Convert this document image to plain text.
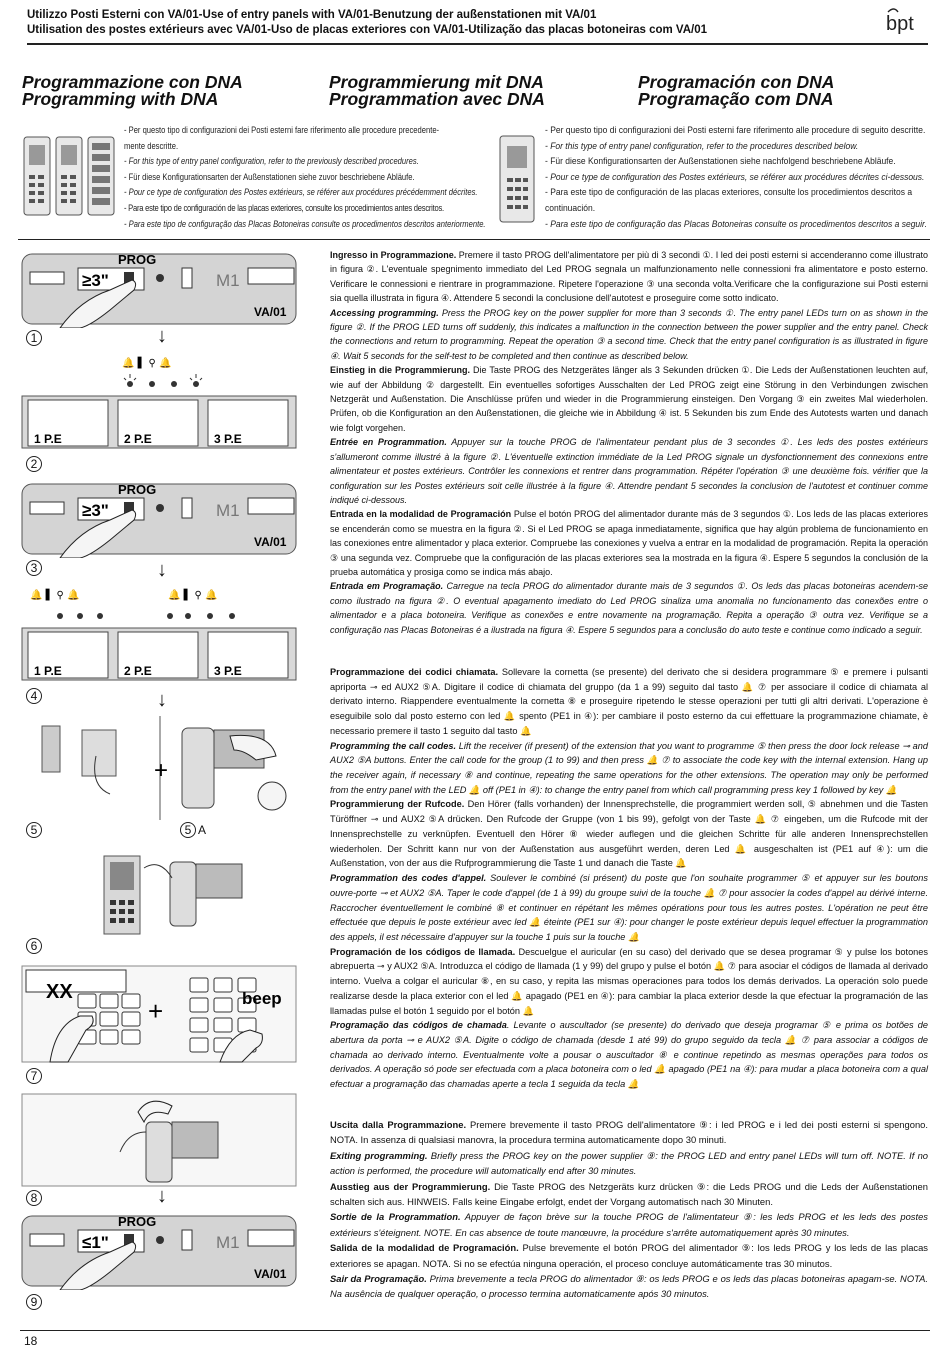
Utilizzo Posti Esterni con VA/01-Use of entry panels with VA/01-Benutzung der außenstationen mit VA/01
Utilisation des postes extérieurs avec VA/01-Uso de placas exteriores con VA/01-Utilização das placas botoneiras com VA/01	bpt
Programmazione con DNA
Programming with DNA
Programmierung mit DNA
Programmation avec DNA
Programación con DNA
Programação com DNA
- Per questo tipo di configurazioni dei Posti esterni fare riferimento alle procedure precedente-
mente descritte.
- For this type of entry panel configuration, refer to the previously described procedures.
- Für diese Konfigurationsarten der Außenstationen siehe zuvor beschriebene Abläufe.
- Pour ce type de configuration des Postes extérieurs, se référer aux procédures précédemment décrites.
- Para este tipo de configuración de las placas exteriores, consulte los procedimientos antes descritos.
- Para este tipo de configuração das Placas Botoneiras consulte os procedimentos descritos anteriormente.
- Per questo tipo di configurazioni dei Posti esterni fare riferimento alle procedure di seguito descritte.
- For this type of entry panel configuration, refer to the procedures described below.
- Für diese Konfigurationsarten der Außenstationen siehe nachfolgend beschriebene Abläufe.
- Pour ce type de configuration des Postes extérieurs, se référer aux procédures décrites ci-dessous.
- Para este tipo de configuración de las placas exteriores, consulte los procedimientos descritos a
continuación.
- Para este tipo de configuração das Placas Botoneiras consulte os procedimentos descritos a seguir.
≥3"
PROG
M1
VA/01
1	↓
🔔 ▌ ⚲ 🔔
1 P.E	2 P.E	3 P.E
2
≥3"
PROG
M1
VA/01
3	↓
🔔 ▌ ⚲ 🔔	🔔 ▌ ⚲ 🔔
1 P.E	2 P.E	3 P.E
4	↓
+
5	5 A
6
XX
+	beep
7
8	↓
≤1"
PROG
M1
VA/01
9

Ingresso in Programmazione. Premere il tasto PROG dell'alimentatore per più di 3 secondi ①. I led dei posti esterni si accenderanno come illustrato in figura ②. L'eventuale spegnimento immediato del Led PROG segnala un malfunzionamento nelle connessioni fra alimentatore e posto esterno. Verificare le connessioni e rientrare in programmazione. Ripetere l'operazione ③ una seconda volta.Verificare che la configurazione sui Posti esterni sia quella illustrata in figura ④. Attendere 5 secondi la conclusione dell'autotest e proseguire come sotto indicato.

Accessing programming. Press the PROG key on the power supplier for more than 3 seconds ①. The entry panel LEDs turn on as shown in the figure ②. If the PROG LED turns off suddenly, this indicates a malfunction in the connection between the power supplier and the entry panel. Check the connections and return to programming. Repeat the operation ③ a second time. Check that the entry panel configuration is as illustrated in figure ④. Wait 5 seconds for the self-test to be completed and then continue as described below.

Einstieg in die Programmierung. Die Taste PROG des Netzgerätes länger als 3 Sekunden drücken ①. Die Leds der Außenstationen leuchten auf, wie auf der Abbildung ② dargestellt. Ein eventuelles sofortiges Ausschalten der Led PROG zeigt eine Störung in den Verbindungen zwischen Netzgerät und Außenstation. Die Anschlüsse prüfen und wieder in die Programmierung einsteigen. Den Vorgang ③ ein zweites Mal wiederholen. Prüfen, ob die Konfiguration an den Außenstationen, die gleiche wie in Abbildung ④ ist. 5 Sekunden bis zum Ende des Autotests warten und danach wie folgt vorgehen.

Entrée en Programmation. Appuyer sur la touche PROG de l'alimentateur pendant plus de 3 secondes ①. Les leds des postes extérieurs s'allumeront comme illustré à la figure ②. L'éventuelle extinction immédiate de la Led PROG signale un dysfonctionnement des connexions entre alimentateur et postes extérieurs. Contrôler les connexions et rentrer dans programmation. Répéter l'opération ③ une deuxième fois. vérifier que la configuration sur les Postes extérieurs soit celle illustrée à la figure ④. Attendre pendant 5 secondes la conclusion de l'autotest et continuer comme indiqué ci-dessous.

Entrada en la modalidad de Programación Pulse el botón PROG del alimentador durante más de 3 segundos ①. Los leds de las placas exteriores se encenderán como se muestra en la figura ②. Si el Led PROG se apaga inmediatamente, significa que hay algún problema de funcionamiento en las conexiones entre alimentador y placa exterior. Compruebe las conexiones y vuelva a entrar en la modalidad de programación. Repita la operación ③ una segunda vez. Compruebe que la configuración de las placas exteriores sea la mostrada en la figura ④. Espere 5 segundos la conclusión de la prueba automática y prosiga como se indica más abajo.

Entrada em Programação. Carregue na tecla PROG do alimentador durante mais de 3 segundos ①. Os leds das placas botoneiras acendem-se como ilustrado na figura ②. O eventual apagamento imediato do Led PROG sinaliza uma anomalia no funcionamento das conexões entre o alimentador e a placa botoneira. Verifique as conexões e entre novamente na programação. Repita a operação ③ outra vez. Verifique se a configuração nas Placas Botoneiras é a ilustrada na figura ④. Espere 5 segundos para a conclusão do auto teste e continue como indicado a seguir.

Programmazione dei codici chiamata. Sollevare la cornetta (se presente) del derivato che si desidera programmare ⑤ e premere i pulsanti apriporta ⊸ ed AUX2 ⑤A. Digitare il codice di chiamata del gruppo (da 1 a 99) seguito dal tasto 🔔 ⑦ per associare il codice di chiamata al derivato interno. Riappendere eventualmente la cornetta ⑧ e proseguire ripetendo le stesse operazioni per tutti gli altri derivati. L'operazione è eseguibile solo dal posto esterno con led 🔔 spento (PE1 in ④): per cambiare il posto esterno da cui effettuare la programmazione chiamate, è necessario premere il tasto 1 seguito dal tasto 🔔

Programming the call codes. Lift the receiver (if present) of the extension that you want to programme ⑤ then press the door lock release ⊸ and AUX2 ⑤A buttons. Enter the call code for the group (1 to 99) and then press 🔔 ⑦ to associate the code key with the internal extension. Hang up the receiver again, if necessary ⑧ and continue, repeating the same operations for the other extensions. The operation may only be performed from the entry panel with the LED 🔔 off (PE1 in ④): to change the entry panel from which call programming press key 1 followed by key 🔔

Programmierung der Rufcode. Den Hörer (falls vorhanden) der Innensprechstelle, die programmiert werden soll, ⑤ abnehmen und die Tasten Türöffner ⊸ und AUX2 ⑤A drücken. Den Rufcode der Gruppe (von 1 bis 99), gefolgt von der Taste 🔔 ⑦ eingeben, um die Rufcode mit der Innensprechstelle zu verknüpfen. Eventuell den Hörer ⑧ wieder auflegen und die gleichen Schritte für alle anderen Innensprechstellen wiederholen. Der Schritt kann nur von der Außenstation aus ausgeführt werden, deren Led 🔔 ausgeschalten ist (PE1 auf ④): um die Außenstation, von der aus die Rufprogrammierung die Taste 1 und danach die Taste 🔔

Programmation des codes d'appel. Soulever le combiné (si présent) du poste que l'on souhaite programmer ⑤ et appuyer sur les boutons ouvre-porte ⊸ et AUX2 ⑤A. Taper le code d'appel (de 1 à 99) du groupe suivi de la touche 🔔 ⑦ pour associer la codes d'appel au dérivé interne. Raccrocher éventuellement le combiné ⑧ et continuer en répétant les mêmes opérations pour tous les autres postes. L'opération ne peut être effectuée que depuis le poste extérieur avec led 🔔 éteinte (PE1 sur ④): pour changer le poste extérieur depuis lequel effectuer la programmation des appels, il est nécessaire d'appuyer sur la touche 1 puis sur la touche 🔔

Programación de los códigos de llamada. Descuelgue el auricular (en su caso) del derivado que se desea programar ⑤ y pulse los botones abrepuerta ⊸ y AUX2 ⑤A. Introduzca el código de llamada (1 y 99) del grupo y pulse el botón 🔔 ⑦ para asociar el códigos de llamada al derivado interno. Vuelva a colgar el auricular ⑧, en su caso, y repita las mismas operaciones para todos los demás derivados. La operación solo puede realizarse desde la placa exterior con el led 🔔 apagado (PE1 en ④): para cambiar la placa exterior desde la que efectuar la programación de las llamadas pulse el botón 1 seguido por el botón 🔔

Programação das códigos de chamada. Levante o auscultador (se presente) do derivado que deseja programar ⑤ e prima os botões de abertura da porta ⊸ e AUX2 ⑤A. Digite o código de chamada (desde 1 até 99) do grupo seguido da tecla 🔔 ⑦ para associar a códigos de chamada ao derivado interno. Eventualmente volte a pousar o auscultador ⑧ e continue repetindo as mesmas operações para todos os derivados. A operação só pode ser efectuada com a placa botoneira com o led 🔔 apagado (PE1 na ④): para mudar a placa botoneira com a qual efectuar a programação das chamadas aperte a tecla 1 seguida da tecla 🔔

Uscita dalla Programmazione. Premere brevemente il tasto PROG dell'alimentatore ⑨: i led PROG e i led dei posti esterni si spengono. NOTA. In assenza di qualsiasi manovra, la procedura termina automaticamente dopo 30 minuti.

Exiting programming. Briefly press the PROG key on the power supplier ⑨: the PROG LED and entry panel LEDs will turn off. NOTE. If no action is performed, the procedure will automatically end after 30 minutes.

Ausstieg aus der Programmierung. Die Taste PROG des Netzgeräts kurz drücken ⑨: die Leds PROG und die Leds der Außenstationen schalten sich aus. HINWEIS. Falls keine Eingabe erfolgt, endet der Vorgang automatisch nach 30 Minuten.

Sortie de la Programmation. Appuyer de façon brève sur la touche PROG de l'alimentateur ⑨: les leds PROG et les leds des postes extérieurs s'éteignent. NOTE. En cas absence de toute manœuvre, la procédure s'arrête automatiquement après 30 minutes.

Salida de la modalidad de Programación. Pulse brevemente el botón PROG del alimentador ⑨: los leds PROG y los leds de las placas exteriores se apagan. NOTA. Si no se efectúa ninguna operación, el proceso concluye automáticamente tras 30 minutos.

Sair da Programação. Prima brevemente a tecla PROG do alimentador ⑨: os leds PROG e os leds das placas botoneiras apagam-se. NOTA. Na ausência de qualquer operação, o processo termina automaticamente após 30 minutos.

18
